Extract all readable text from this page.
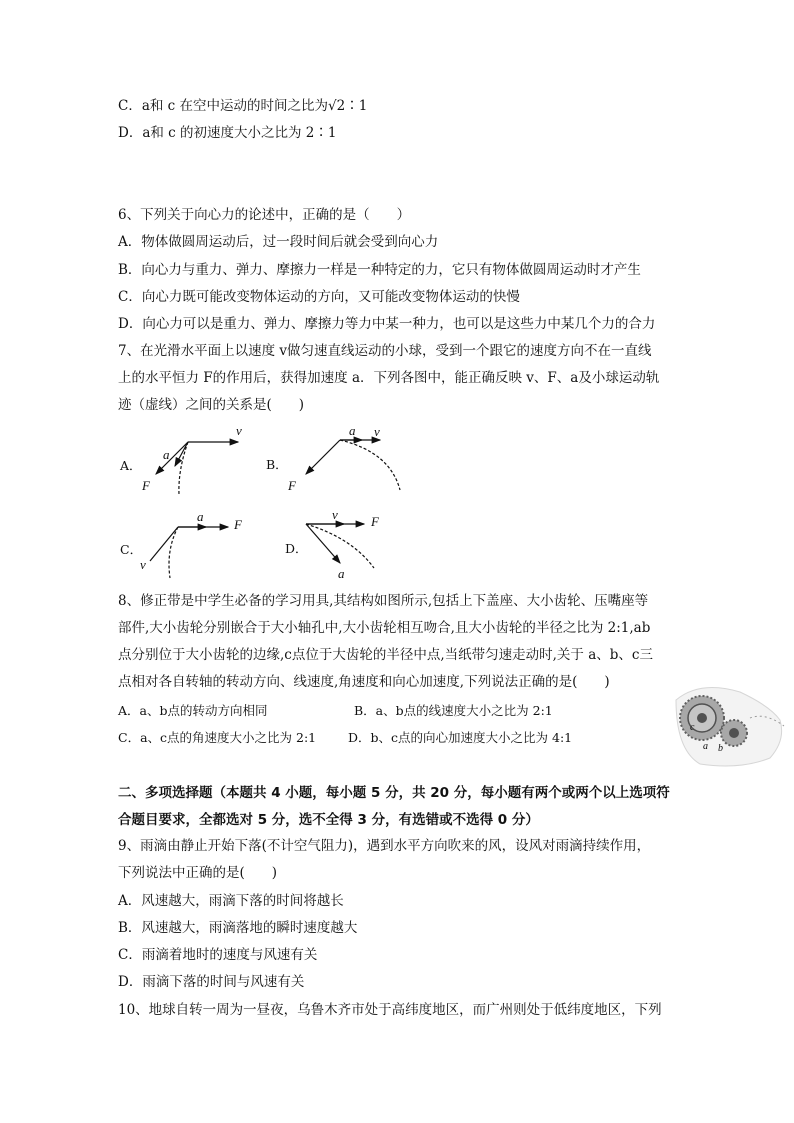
C．a和 c 在空中运动的时间之比为√2∶1
D．a和 c 的初速度大小之比为 2∶1
6、下列关于向心力的论述中，正确的是（　　）
A．物体做圆周运动后，过一段时间后就会受到向心力
B．向心力与重力、弹力、摩擦力一样是一种特定的力，它只有物体做圆周运动时才产生
C．向心力既可能改变物体运动的方向，又可能改变物体运动的快慢
D．向心力可以是重力、弹力、摩擦力等力中某一种力，也可以是这些力中某几个力的合力
7、在光滑水平面上以速度 v做匀速直线运动的小球，受到一个跟它的速度方向不在一直线
上的水平恒力 F的作用后，获得加速度 a．下列各图中，能正确反映 v、F、a及小球运动轨
迹（虚线）之间的关系是(　　)
A．	B．
C．	D．
v
a
F
a v
F
a
F
v
v	F
a
8、修正带是中学生必备的学习用具,其结构如图所示,包括上下盖座、大小齿轮、压嘴座等
部件,大小齿轮分别嵌合于大小轴孔中,大小齿轮相互吻合,且大小齿轮的半径之比为 2:1,ab
点分别位于大小齿轮的边缘,c点位于大齿轮的半径中点,当纸带匀速走动时,关于 a、b、c三
点相对各自转轴的转动方向、线速度,角速度和向心加速度,下列说法正确的是(　　)
A．a、b点的转动方向相同	B．a、b点的线速度大小之比为 2:1
C．a、c点的角速度大小之比为 2:1	D．b、c点的向心加速度大小之比为 4:1
c
a b
二、多项选择题（本题共 4 小题，每小题 5 分，共 20 分，每小题有两个或两个以上选项符
合题目要求，全都选对 5 分，选不全得 3 分，有选错或不选得 0 分）
9、雨滴由静止开始下落(不计空气阻力)，遇到水平方向吹来的风，设风对雨滴持续作用，
下列说法中正确的是(　　)
A．风速越大，雨滴下落的时间将越长
B．风速越大，雨滴落地的瞬时速度越大
C．雨滴着地时的速度与风速有关
D．雨滴下落的时间与风速有关
10、地球自转一周为一昼夜，乌鲁木齐市处于高纬度地区，而广州则处于低纬度地区，下列
